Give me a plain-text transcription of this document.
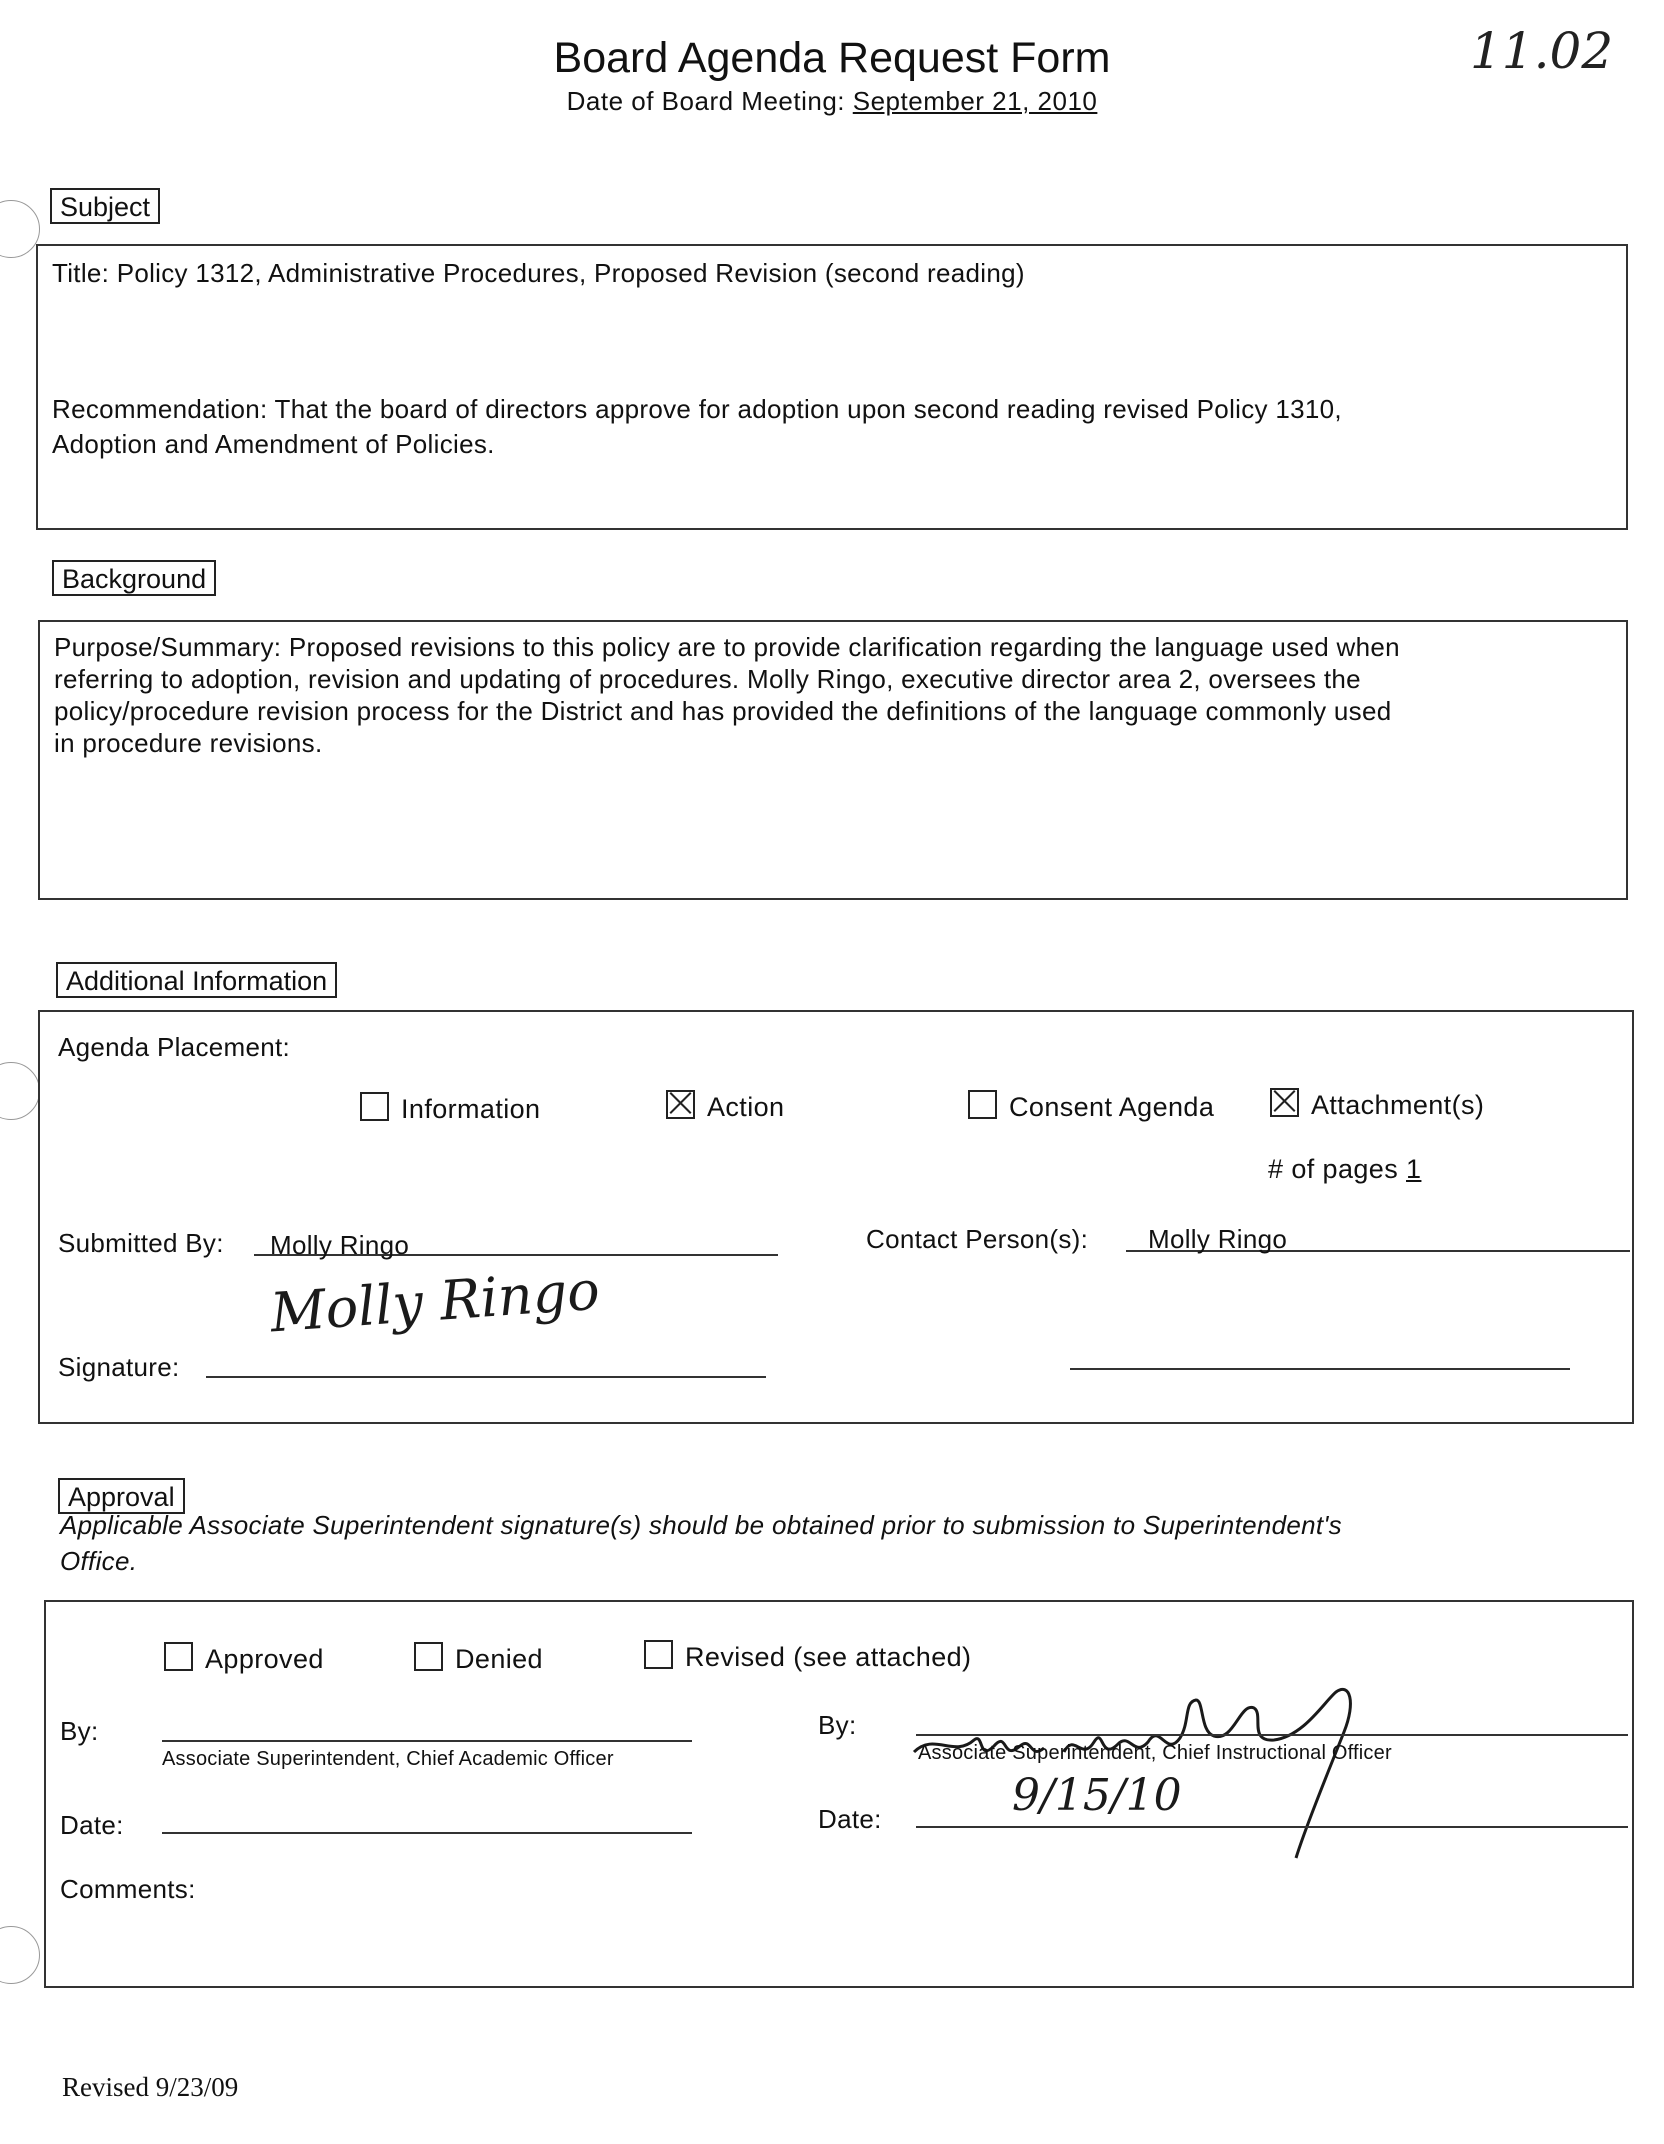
Board Agenda Request Form
Date of Board Meeting: September 21, 2010
11.02
Subject
Title: Policy 1312, Administrative Procedures, Proposed Revision (second reading)
Recommendation: That the board of directors approve for adoption upon second reading revised Policy 1310,
Adoption and Amendment of Policies.
Background
Purpose/Summary: Proposed revisions to this policy are to provide clarification regarding the language used when
referring to adoption, revision and updating of procedures. Molly Ringo, executive director area 2, oversees the
policy/procedure revision process for the District and has provided the definitions of the language commonly used
in procedure revisions.
Additional Information
Agenda Placement:
Information	Action	Consent Agenda	Attachment(s)
# of pages 1
Submitted By: Molly Ringo	Contact Person(s): Molly Ringo
Molly Ringo
Signature:
Approval
Applicable Associate Superintendent signature(s) should be obtained prior to submission to Superintendent's
Office.
Approved	Denied	Revised (see attached)
By:
Associate Superintendent, Chief Academic Officer
Date:
By:
Associate Superintendent, Chief Instructional Officer
Date:	9/15/10
Comments:
Revised 9/23/09
